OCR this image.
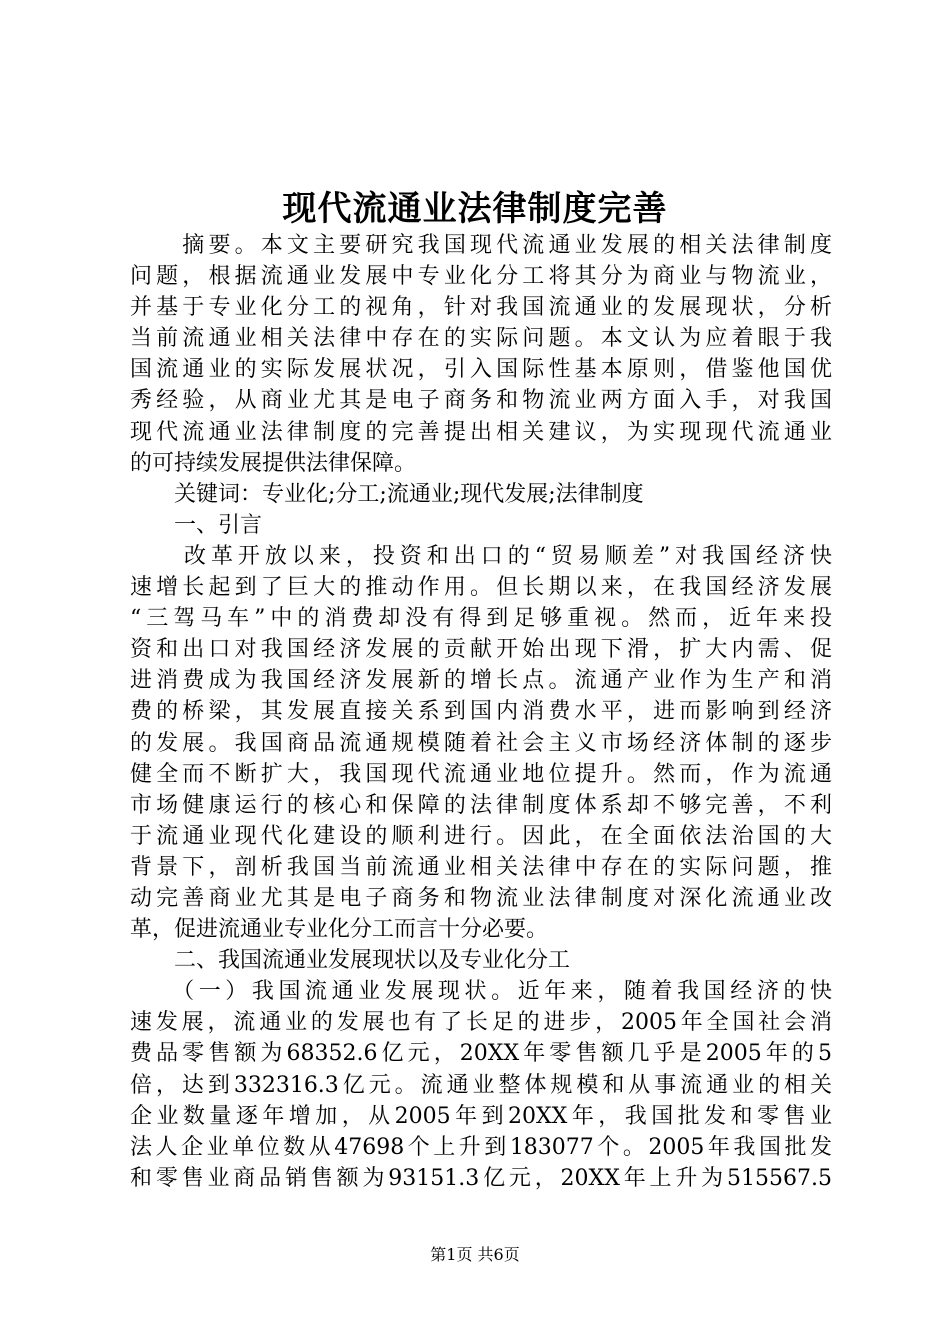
现代流通业法律制度完善
　　摘要。本文主要研究我国现代流通业发展的相关法律制度
问题，根据流通业发展中专业化分工将其分为商业与物流业，
并基于专业化分工的视角，针对我国流通业的发展现状，分析
当前流通业相关法律中存在的实际问题。本文认为应着眼于我
国流通业的实际发展状况，引入国际性基本原则，借鉴他国优
秀经验，从商业尤其是电子商务和物流业两方面入手，对我国
现代流通业法律制度的完善提出相关建议，为实现现代流通业
的可持续发展提供法律保障。
　　关键词：专业化;分工;流通业;现代发展;法律制度
　　一、引言
　　改革开放以来，投资和出口的“贸易顺差”对我国经济快
速增长起到了巨大的推动作用。但长期以来，在我国经济发展
“三驾马车”中的消费却没有得到足够重视。然而，近年来投
资和出口对我国经济发展的贡献开始出现下滑，扩大内需、促
进消费成为我国经济发展新的增长点。流通产业作为生产和消
费的桥梁，其发展直接关系到国内消费水平，进而影响到经济
的发展。我国商品流通规模随着社会主义市场经济体制的逐步
健全而不断扩大，我国现代流通业地位提升。然而，作为流通
市场健康运行的核心和保障的法律制度体系却不够完善，不利
于流通业现代化建设的顺利进行。因此，在全面依法治国的大
背景下，剖析我国当前流通业相关法律中存在的实际问题，推
动完善商业尤其是电子商务和物流业法律制度对深化流通业改
革，促进流通业专业化分工而言十分必要。
　　二、我国流通业发展现状以及专业化分工
　　（一）我国流通业发展现状。近年来，随着我国经济的快
速发展，流通业的发展也有了长足的进步，2005年全国社会消
费品零售额为68352.6亿元，20XX年零售额几乎是2005年的5
倍，达到332316.3亿元。流通业整体规模和从事流通业的相关
企业数量逐年增加，从2005年到20XX年，我国批发和零售业
法人企业单位数从47698个上升到183077个。2005年我国批发
和零售业商品销售额为93151.3亿元，20XX年上升为515567.5
第1页 共6页
